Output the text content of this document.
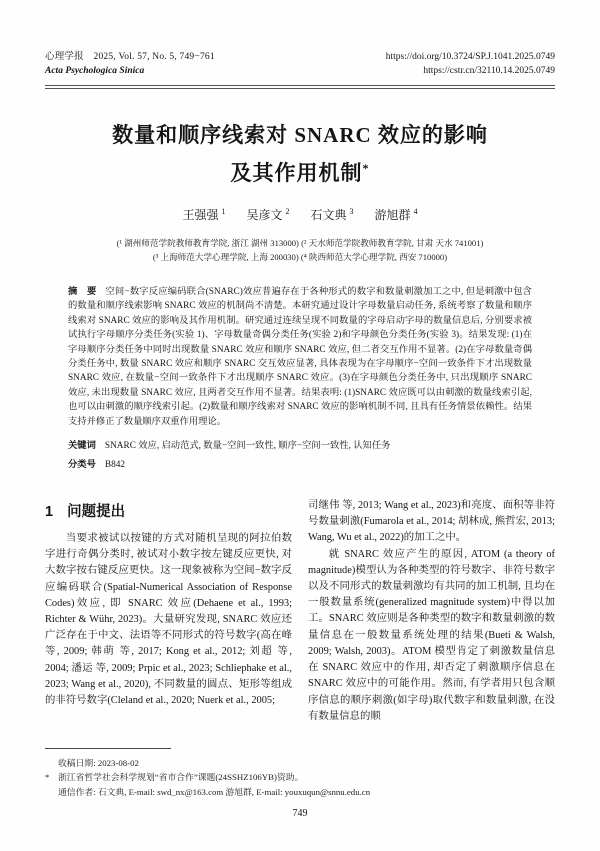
心理学报　2025, Vol. 57, No. 5, 749−761
Acta Psychologica Sinica
https://doi.org/10.3724/SP.J.1041.2025.0749
https://cstr.cn/32110.14.2025.0749
数量和顺序线索对 SNARC 效应的影响
及其作用机制*
王强强 $^1$ 吴彦文 $^2$ 石文典 $^3$ 游旭群 $^4$
(¹ 湖州师范学院教师教育学院, 浙江 湖州 313000) (² 天水师范学院教师教育学院, 甘肃 天水 741001)
(³ 上海师范大学心理学院, 上海 200030) (⁴ 陕西师范大学心理学院, 西安 710000)
摘　要 空间−数字反应编码联合(SNARC)效应普遍存在于各种形式的数字和数量刺激加工之中, 但是刺激中包含的数量和顺序线索影响 SNARC 效应的机制尚不清楚。本研究通过设计字母数量启动任务, 系统考察了数量和顺序线索对 SNARC 效应的影响及其作用机制。研究通过连续呈现不同数量的字母启动字母的数量信息后, 分别要求被试执行字母顺序分类任务(实验 1)、字母数量奇偶分类任务(实验 2)和字母颜色分类任务(实验 3)。结果发现: (1)在字母顺序分类任务中同时出现数量 SNARC 效应和顺序 SNARC 效应, 但二者交互作用不显著。(2)在字母数量奇偶分类任务中, 数量 SNARC 效应和顺序 SNARC 交互效应显著, 具体表现为在字母顺序−空间一致条件下才出现数量 SNARC 效应, 在数量−空间一致条件下才出现顺序 SNARC 效应。(3)在字母颜色分类任务中, 只出现顺序 SNARC 效应, 未出现数量 SNARC 效应, 且两者交互作用不显著。结果表明: (1)SNARC 效应既可以由刺激的数量线索引起, 也可以由刺激的顺序线索引起。(2)数量和顺序线索对 SNARC 效应的影响机制不同, 且具有任务情景依赖性。结果支持并修正了数量顺序双重作用理论。
关键词 SNARC 效应, 启动范式, 数量−空间一致性, 顺序−空间一致性, 认知任务
分类号 B842
1 问题提出

当要求被试以按键的方式对随机呈现的阿拉伯数字进行奇偶分类时, 被试对小数字按左键反应更快, 对大数字按右键反应更快。这一现象被称为空间−数字反应编码联合(Spatial-Numerical Association of Response Codes)效应, 即 SNARC 效应(Dehaene et al., 1993; Richter & Wühr, 2023)。大量研究发现, SNARC 效应还广泛存在于中文、法语等不同形式的符号数字(高在峰 等, 2009; 韩萌 等, 2017; Kong et al., 2012; 刘超 等, 2004; 潘运 等, 2009; Prpic et al., 2023; Schliephake et al., 2023; Wang et al., 2020), 不同数量的圆点、矩形等组成的非符号数字(Cleland et al., 2020; Nuerk et al., 2005;

司继伟 等, 2013; Wang et al., 2023)和亮度、面积等非符号数量刺激(Fumarola et al., 2014; 胡林成, 熊哲宏, 2013; Wang, Wu et al., 2022)的加工之中。

就 SNARC 效应产生的原因, ATOM (a theory of magnitude)模型认为各种类型的符号数字、非符号数字以及不同形式的数量刺激均有共同的加工机制, 且均在一般数量系统(generalized magnitude system)中得以加工。SNARC 效应则是各种类型的数字和数量刺激的数量信息在一般数量系统处理的结果(Bueti & Walsh, 2009; Walsh, 2003)。ATOM 模型肯定了刺激数量信息在 SNARC 效应中的作用, 却否定了刺激顺序信息在 SNARC 效应中的可能作用。然而, 有学者用只包含顺序信息的顺序刺激(如字母)取代数字和数量刺激, 在没有数量信息的顺

收稿日期: 2023-08-02
* 浙江省哲学社会科学规划“省市合作”课题(24SSHZ106YB)资助。
通信作者: 石文典, E-mail: swd_nx@163.com 游旭群, E-mail: youxuqun@snnu.edu.cn
749
